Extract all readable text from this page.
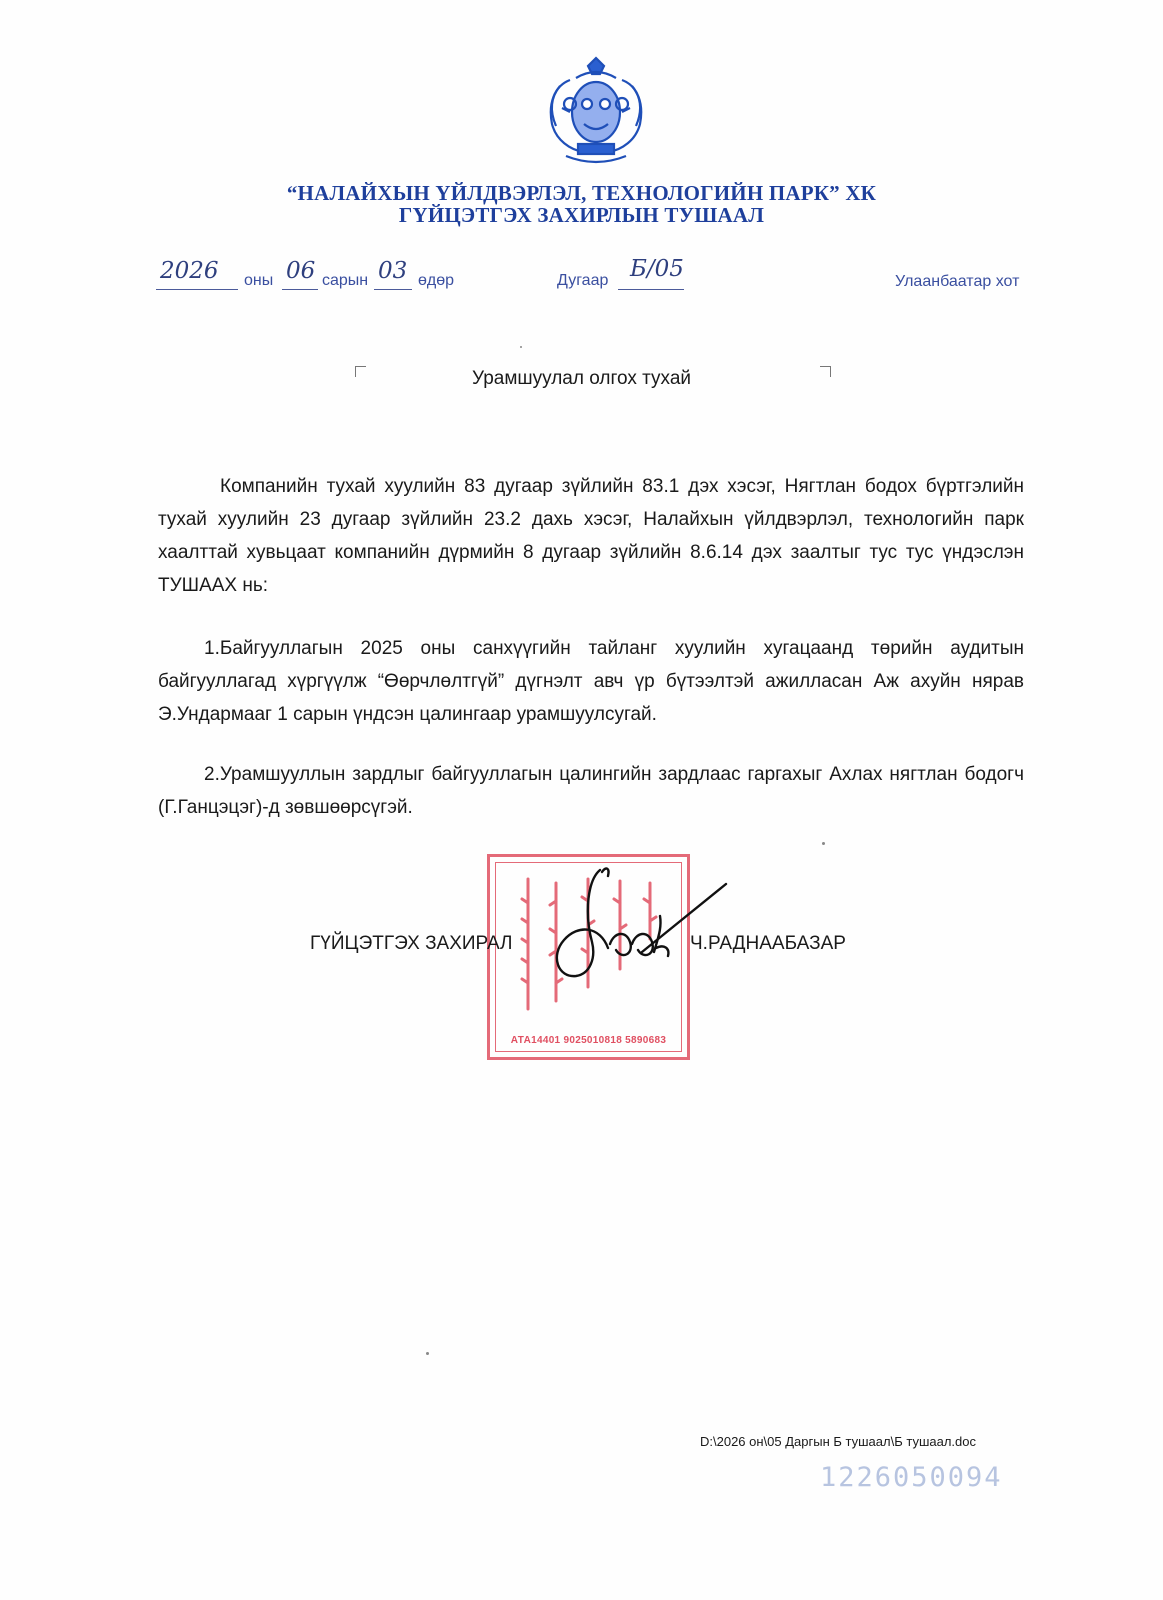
“НАЛАЙХЫН ҮЙЛДВЭРЛЭЛ, ТЕХНОЛОГИЙН ПАРК” ХК
ГҮЙЦЭТГЭХ ЗАХИРЛЫН ТУШААЛ
2026 оны 06 сарын 03 өдөр	Дугаар Б/05	Улаанбаатар хот
Урамшуулал олгох тухай

Компанийн тухай хуулийн 83 дугаар зүйлийн 83.1 дэх хэсэг, Нягтлан бодох бүртгэлийн тухай хуулийн 23 дугаар зүйлийн 23.2 дахь хэсэг, Налайхын үйлдвэрлэл, технологийн парк хаалттай хувьцаат компанийн дүрмийн 8 дугаар зүйлийн 8.6.14 дэх заалтыг тус тус үндэслэн ТУШААХ нь:

1.Байгууллагын 2025 оны санхүүгийн тайланг хуулийн хугацаанд төрийн аудитын байгууллагад хүргүүлж “Өөрчлөлтгүй” дүгнэлт авч үр бүтээлтэй ажилласан Аж ахуйн нярав Э.Ундармааг 1 сарын үндсэн цалингаар урамшуулсугай.

2.Урамшууллын зардлыг байгууллагын цалингийн зардлаас гаргахыг Ахлах нягтлан бодогч (Г.Ганцэцэг)-д зөвшөөрсүгэй.

АТА14401 9025010818 5890683
ГҮЙЦЭТГЭХ ЗАХИРАЛ	Ч.РАДНААБАЗАР
D:\2026 он\05 Даргын Б тушаал\Б тушаал.doc
1226050094
